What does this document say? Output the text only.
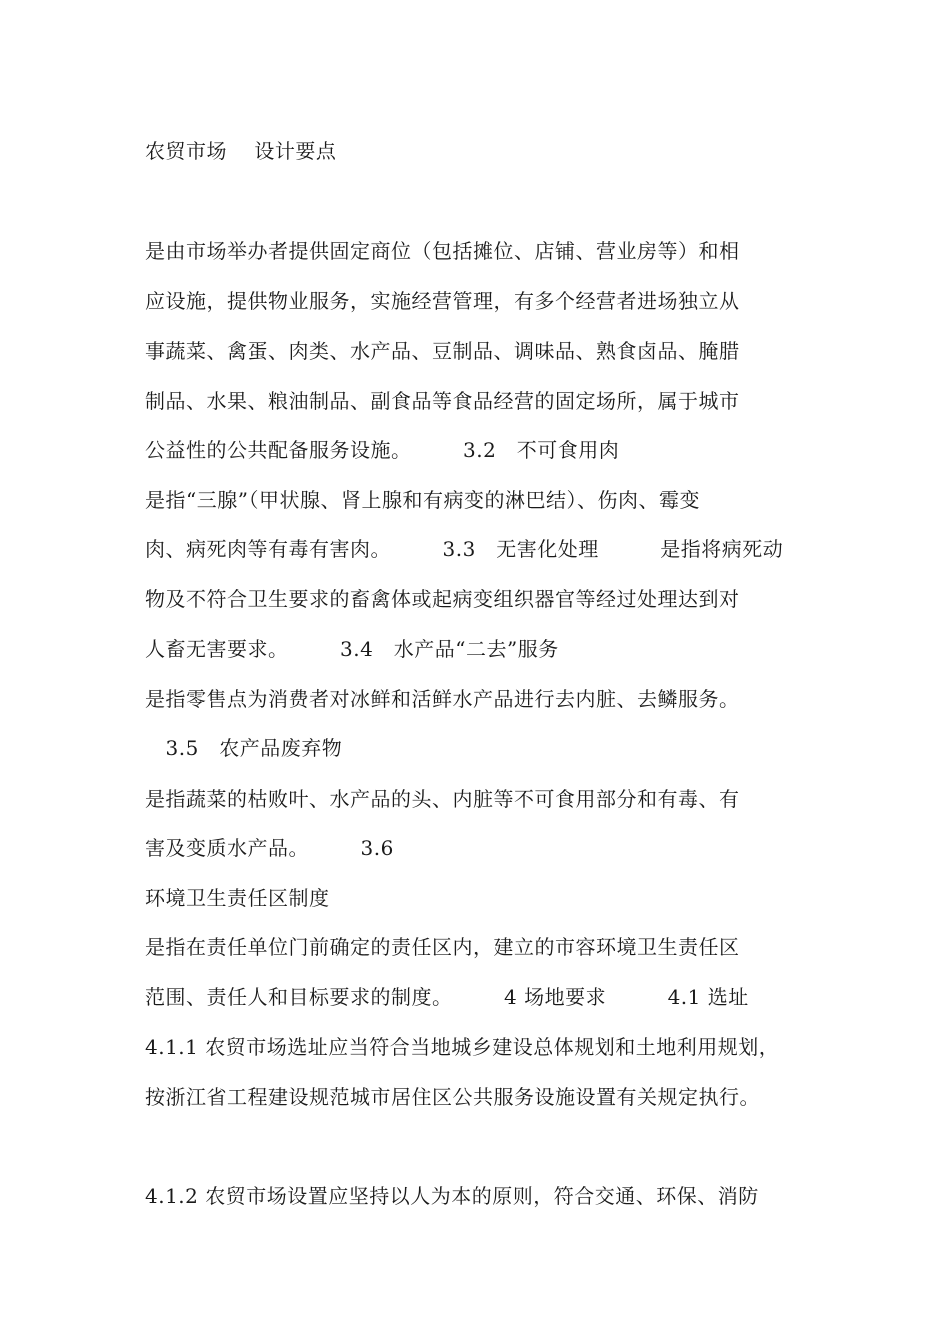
农贸市场　 设计要点
是由市场举办者提供固定商位（包括摊位、店铺、营业房等）和相
应设施，提供物业服务，实施经营管理，有多个经营者进场独立从
事蔬菜、禽蛋、肉类、水产品、豆制品、调味品、熟食卤品、腌腊
制品、水果、粮油制品、副食品等食品经营的固定场所，属于城市
公益性的公共配备服务设施。　　　3.2　不可食用肉
是指“三腺”（甲状腺、肾上腺和有病变的淋巴结）、伤肉、霉变
肉、病死肉等有毒有害肉。　　　3.3　无害化处理　　　是指将病死动
物及不符合卫生要求的畜禽体或起病变组织器官等经过处理达到对
人畜无害要求。　　　3.4　水产品“二去”服务
是指零售点为消费者对冰鲜和活鲜水产品进行去内脏、去鳞服务。
　3.5　农产品废弃物
是指蔬菜的枯败叶、水产品的头、内脏等不可食用部分和有毒、有
害及变质水产品。　　　3.6
环境卫生责任区制度
是指在责任单位门前确定的责任区内，建立的市容环境卫生责任区
范围、责任人和目标要求的制度。　　　4 场地要求　　　4.1 选址
4.1.1 农贸市场选址应当符合当地城乡建设总体规划和土地利用规划，
按浙江省工程建设规范城市居住区公共服务设施设置有关规定执行。
4.1.2 农贸市场设置应坚持以人为本的原则，符合交通、环保、消防
